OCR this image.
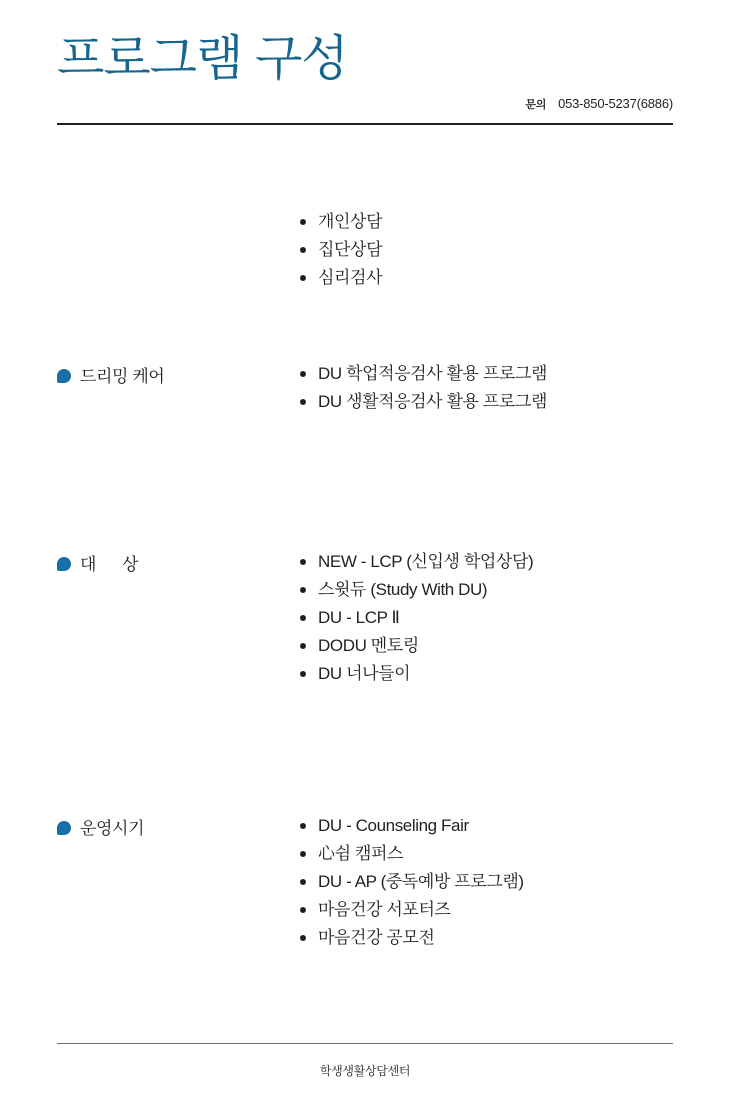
프로그램 구성
문의 053-850-5237(6886)
개인상담
집단상담
심리검사
드리밍 케어	DU 학업적응검사 활용 프로그램
DU 생활적응검사 활용 프로그램
대      상	NEW - LCP (신입생 학업상담)
스윗듀 (Study With DU)
DU - LCP Ⅱ
DODU 멘토링
DU 너나들이
운영시기	DU - Counseling Fair
心쉼 캠퍼스
DU - AP (중독예방 프로그램)
마음건강 서포터즈
마음건강 공모전
학생생활상담센터
